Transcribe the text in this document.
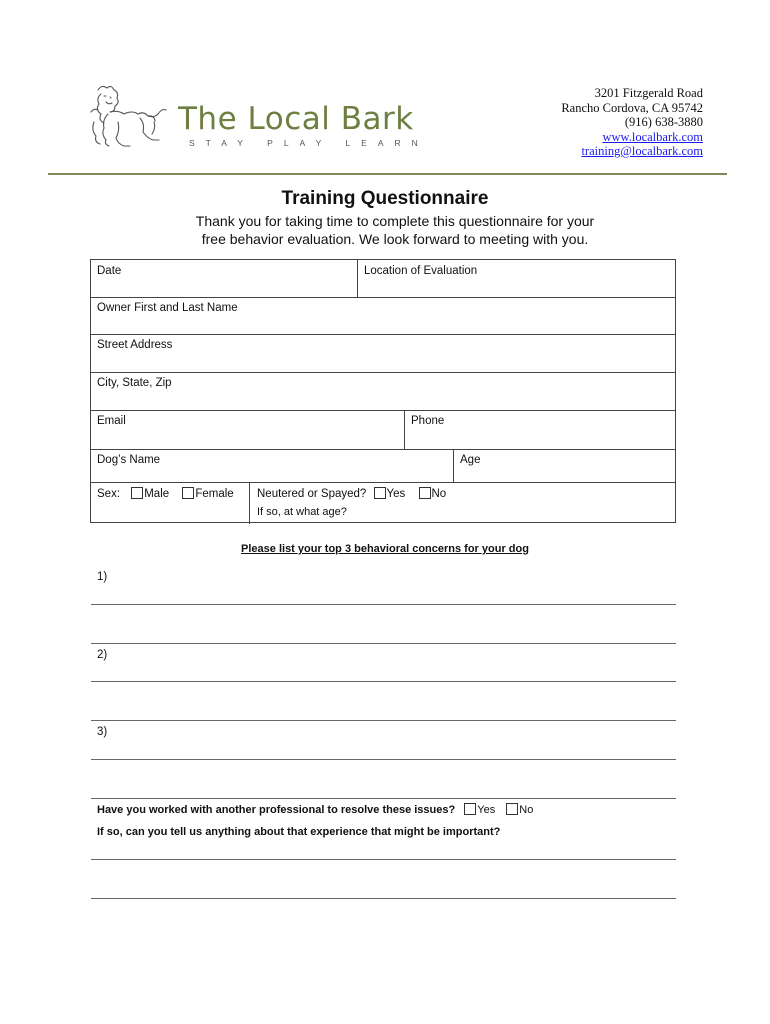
The Local Bark
STAY PLAY LEARN
3201 Fitzgerald Road
Rancho Cordova, CA 95742
(916) 638-3880
www.localbark.com
training@localbark.com
Training Questionnaire
Thank you for taking time to complete this questionnaire for your
free behavior evaluation. We look forward to meeting with you.
Date	Location of Evaluation
Owner First and Last Name
Street Address
City, State, Zip
Email	Phone
Dog’s Name	Age
Sex: Male Female Neutered or Spayed? Yes No
If so, at what age?
Please list your top 3 behavioral concerns for your dog
1)
2)
3)
Have you worked with another professional to resolve these issues? Yes No
If so, can you tell us anything about that experience that might be important?
